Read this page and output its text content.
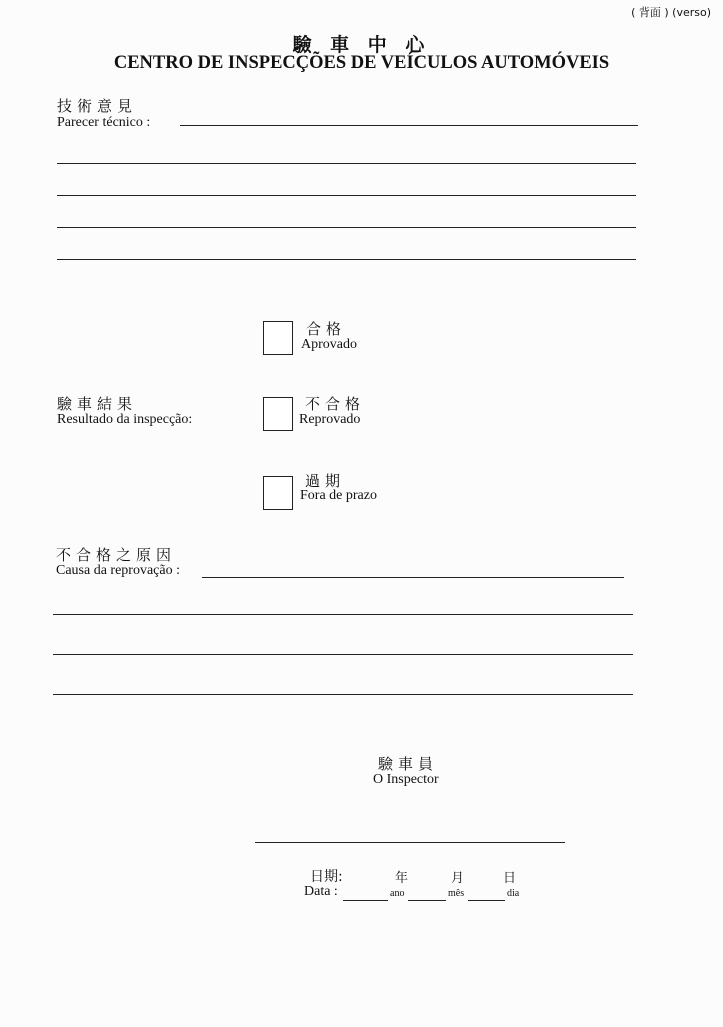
( 背面 ) (verso)
驗 車 中 心
CENTRO DE INSPECÇÕES DE VEÍCULOS AUTOMÓVEIS
技術意見
Parecer técnico :
合格
Aprovado
驗車結果
Resultado da inspecção:
不合格
Reprovado
過期
Fora de prazo
不合格之原因
Causa da reprovação :
驗車員
O Inspector
日期:	年	月	日
Data :	ano	mês	dia
